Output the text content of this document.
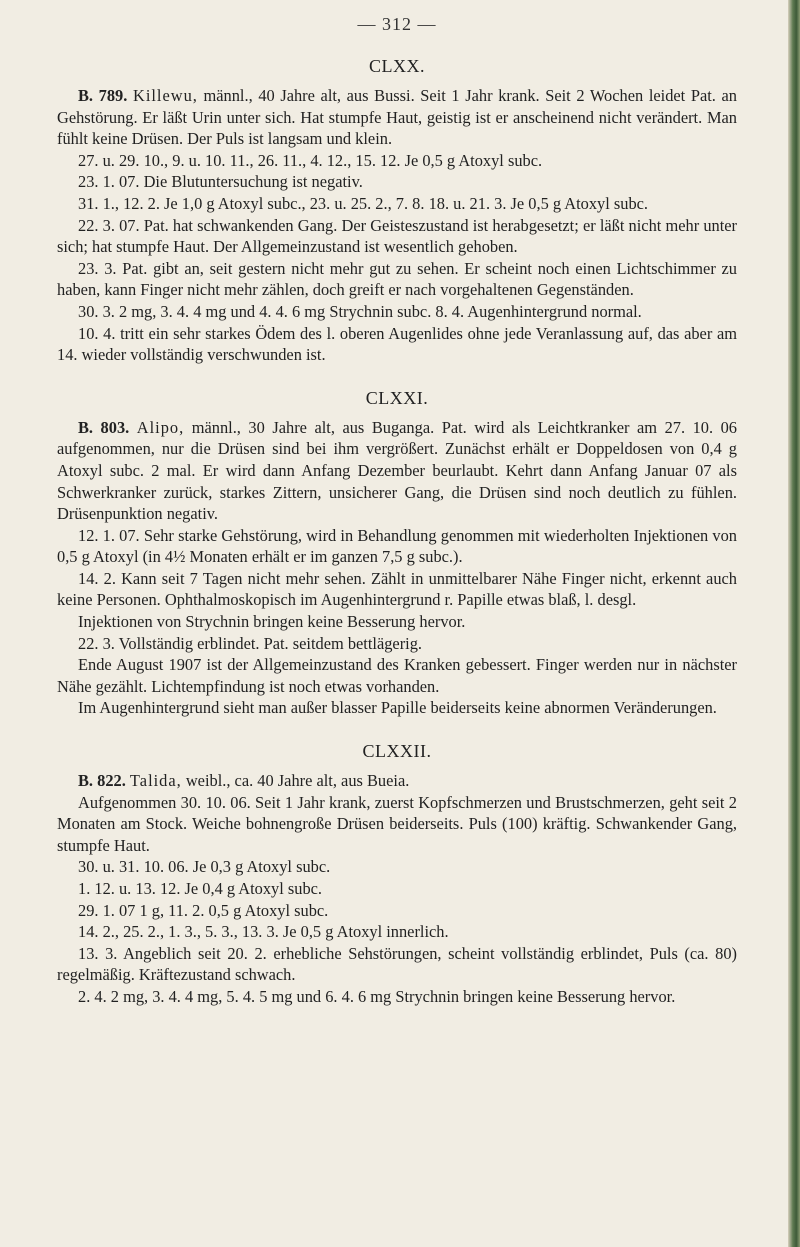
— 312 —
CLXX.

B. 789. Killewu, männl., 40 Jahre alt, aus Bussi. Seit 1 Jahr krank. Seit 2 Wochen leidet Pat. an Gehstörung. Er läßt Urin unter sich. Hat stumpfe Haut, geistig ist er anscheinend nicht verändert. Man fühlt keine Drüsen. Der Puls ist langsam und klein.

27. u. 29. 10., 9. u. 10. 11., 26. 11., 4. 12., 15. 12. Je 0,5 g Atoxyl subc.

23. 1. 07. Die Blutuntersuchung ist negativ.

31. 1., 12. 2. Je 1,0 g Atoxyl subc., 23. u. 25. 2., 7. 8. 18. u. 21. 3. Je 0,5 g Atoxyl subc.

22. 3. 07. Pat. hat schwankenden Gang. Der Geisteszustand ist herabgesetzt; er läßt nicht mehr unter sich; hat stumpfe Haut. Der Allgemeinzustand ist wesentlich gehoben.

23. 3. Pat. gibt an, seit gestern nicht mehr gut zu sehen. Er scheint noch einen Lichtschimmer zu haben, kann Finger nicht mehr zählen, doch greift er nach vorgehaltenen Gegenständen.

30. 3. 2 mg, 3. 4. 4 mg und 4. 4. 6 mg Strychnin subc. 8. 4. Augenhintergrund normal.

10. 4. tritt ein sehr starkes Ödem des l. oberen Augenlides ohne jede Veranlassung auf, das aber am 14. wieder vollständig verschwunden ist.

CLXXI.

B. 803. Alipo, männl., 30 Jahre alt, aus Buganga. Pat. wird als Leichtkranker am 27. 10. 06 aufgenommen, nur die Drüsen sind bei ihm vergrößert. Zunächst erhält er Doppeldosen von 0,4 g Atoxyl subc. 2 mal. Er wird dann Anfang Dezember beurlaubt. Kehrt dann Anfang Januar 07 als Schwerkranker zurück, starkes Zittern, unsicherer Gang, die Drüsen sind noch deutlich zu fühlen. Drüsenpunktion negativ.

12. 1. 07. Sehr starke Gehstörung, wird in Behandlung genommen mit wiederholten Injektionen von 0,5 g Atoxyl (in 4½ Monaten erhält er im ganzen 7,5 g subc.).

14. 2. Kann seit 7 Tagen nicht mehr sehen. Zählt in unmittelbarer Nähe Finger nicht, erkennt auch keine Personen. Ophthalmoskopisch im Augenhintergrund r. Papille etwas blaß, l. desgl.

Injektionen von Strychnin bringen keine Besserung hervor.

22. 3. Vollständig erblindet. Pat. seitdem bettlägerig.

Ende August 1907 ist der Allgemeinzustand des Kranken gebessert. Finger werden nur in nächster Nähe gezählt. Lichtempfindung ist noch etwas vorhanden.

Im Augenhintergrund sieht man außer blasser Papille beiderseits keine abnormen Veränderungen.

CLXXII.

B. 822. Talida, weibl., ca. 40 Jahre alt, aus Bueia.

Aufgenommen 30. 10. 06. Seit 1 Jahr krank, zuerst Kopfschmerzen und Brustschmerzen, geht seit 2 Monaten am Stock. Weiche bohnengroße Drüsen beiderseits. Puls (100) kräftig. Schwankender Gang, stumpfe Haut.

30. u. 31. 10. 06. Je 0,3 g Atoxyl subc.

1. 12. u. 13. 12. Je 0,4 g Atoxyl subc.

29. 1. 07 1 g, 11. 2. 0,5 g Atoxyl subc.

14. 2., 25. 2., 1. 3., 5. 3., 13. 3. Je 0,5 g Atoxyl innerlich.

13. 3. Angeblich seit 20. 2. erhebliche Sehstörungen, scheint vollständig erblindet, Puls (ca. 80) regelmäßig. Kräftezustand schwach.

2. 4. 2 mg, 3. 4. 4 mg, 5. 4. 5 mg und 6. 4. 6 mg Strychnin bringen keine Besserung hervor.
